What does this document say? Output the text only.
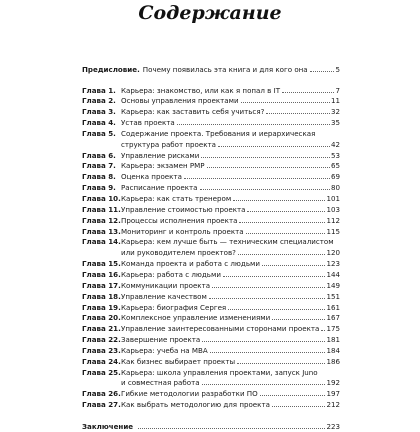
Содержание
Предисловие. Почему появилась эта книга и для кого она	5
Глава 1. Карьера: знакомство, или как я попал в IT	7
Глава 2. Основы управления проектами	11
Глава 3. Карьера: как заставить себя учиться?	32
Глава 4. Устав проекта	35
Глава 5. Содержание проекта. Требования и иерархическая
структура работ проекта	42
Глава 6. Управление рисками	53
Глава 7. Карьера: экзамен PMP	65
Глава 8. Оценка проекта	69
Глава 9. Расписание проекта	80
Глава 10. Карьера: как стать тренером	101
Глава 11. Управление стоимостью проекта	103
Глава 12. Процессы исполнения проекта	112
Глава 13. Мониторинг и контроль проекта	115
Глава 14. Карьера: кем лучше быть — техническим специалистом
или руководителем проектов?	120
Глава 15. Команда проекта и работа с людьми	123
Глава 16. Карьера: работа с людьми	144
Глава 17. Коммуникации проекта	149
Глава 18. Управление качеством	151
Глава 19. Карьера: биография Сергея	161
Глава 20. Комплексное управление изменениями	167
Глава 21. Управление заинтересованными сторонами проекта 175
Глава 22. Завершение проекта	181
Глава 23. Карьера: учеба на MBA	184
Глава 24. Как бизнес выбирает проекты	186
Глава 25. Карьера: школа управления проектами, запуск Juno
и совместная работа	192
Глава 26. Гибкие методологии разработки ПО	197
Глава 27. Как выбрать методологию для проекта	212
Заключение	223
